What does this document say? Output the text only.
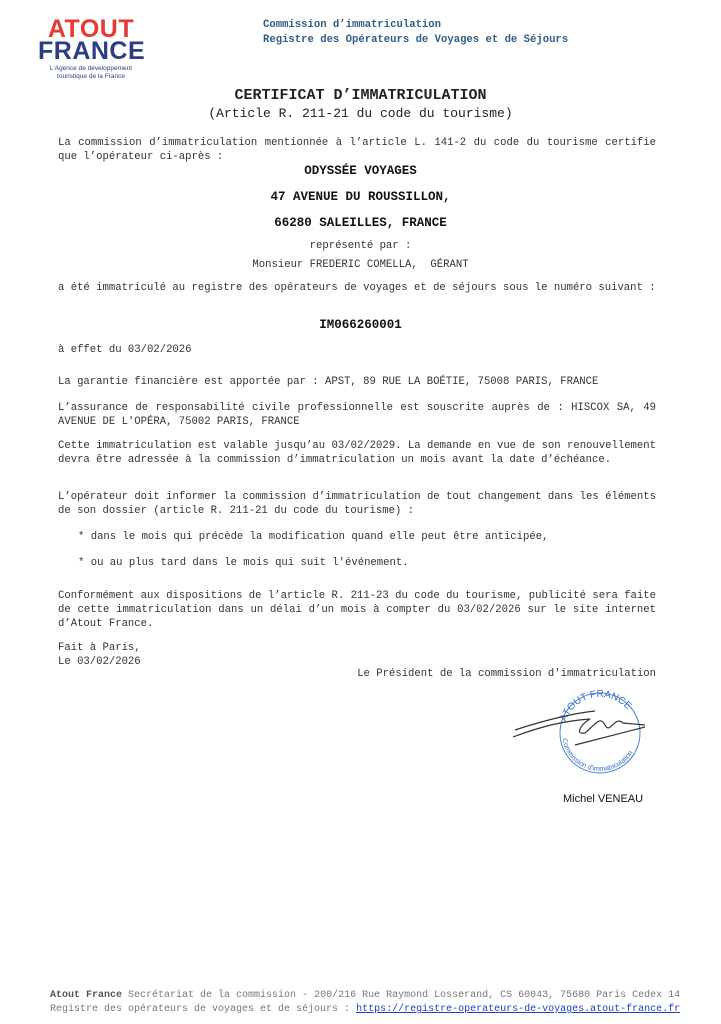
ATOUT
FRANCE
L'Agence de développement touristique de la France
Commission d’immatriculation
Registre des Opérateurs de Voyages et de Séjours
CERTIFICAT D’IMMATRICULATION
(Article R. 211-21 du code du tourisme)
La commission d’immatriculation mentionnée à l’article L. 141-2 du code du tourisme certifie que l’opérateur ci-après :
ODYSSÉE VOYAGES
47 AVENUE DU ROUSSILLON,
66280 SALEILLES, FRANCE
représenté par :
Monsieur FREDERIC COMELLA,  GÉRANT
a été immatriculé au registre des opérateurs de voyages et de séjours sous le numéro suivant :
IM066260001
à effet du 03/02/2026
La garantie financière est apportée par : APST, 89 RUE LA BOÉTIE, 75008 PARIS, FRANCE
L’assurance de responsabilité civile professionnelle est souscrite auprès de : HISCOX SA, 49 AVENUE DE L'OPÉRA, 75002 PARIS, FRANCE
Cette immatriculation est valable jusqu’au 03/02/2029. La demande en vue de son renouvellement devra être adressée à la commission d’immatriculation un mois avant la date d’échéance.
L’opérateur doit informer la commission d’immatriculation de tout changement dans les éléments de son dossier (article R. 211-21 du code du tourisme) :
* dans le mois qui précède la modification quand elle peut être anticipée,
* ou au plus tard dans le mois qui suit l'événement.
Conformément aux dispositions de l’article R. 211-23 du code du tourisme, publicité sera faite de cette immatriculation dans un délai d’un mois à compter du 03/02/2026 sur le site internet d’Atout France.
Fait à Paris,
Le 03/02/2026
Le Président de la commission d'immatriculation
ATOUT FRANCE
Commission d'immatriculation
Michel VENEAU
Atout France Secrétariat de la commission - 200/216 Rue Raymond Losserand, CS 60043, 75680 Paris Cedex 14
Registre des opérateurs de voyages et de séjours : https://registre-operateurs-de-voyages.atout-france.fr
